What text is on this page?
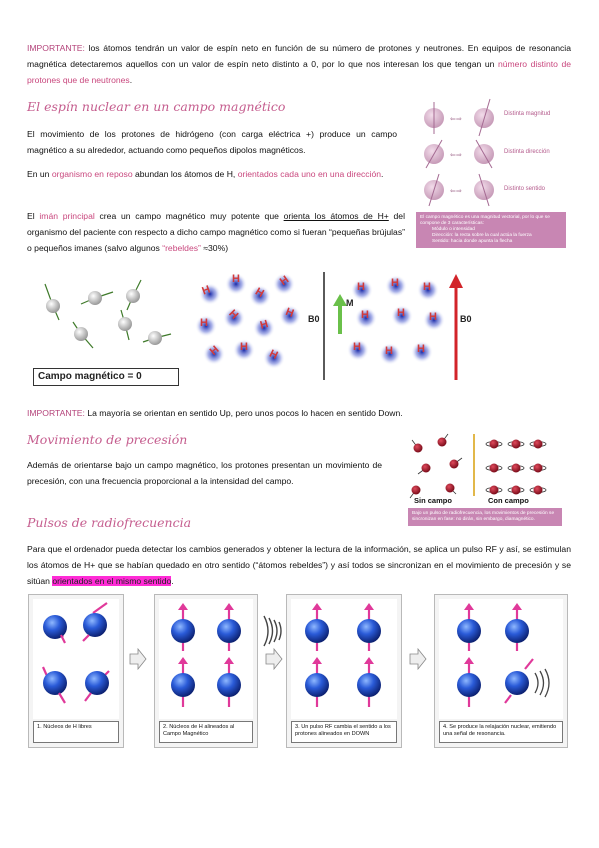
IMPORTANTE: los átomos tendrán un valor de espín neto en función de su número de protones y neutrones. En equipos de resonancia magnética detectaremos aquellos con un valor de espín neto distinto a 0, por lo que nos interesan los que tengan un número distinto de protones que de neutrones.
El espín nuclear en un campo magnético
El movimiento de los protones de hidrógeno (con carga eléctrica +) produce un campo magnético a su alrededor, actuando como pequeños dipolos magnéticos.
En un organismo en reposo abundan los átomos de H, orientados cada uno en una dirección.
El imán principal crea un campo magnético muy potente que orienta los átomos de H+ del organismo del paciente con respecto a dicho campo magnético como si fueran “pequeñas brújulas” o pequeños imanes (salvo algunos “rebeldes” ≈30%)
⇐⇒
⇐⇒
⇐⇒
Distinta magnitud
Distinta dirección
Distinto sentido
El campo magnético es una magnitud vectorial, por lo que se compone de 3 características:
Módulo o intensidad
Dirección: la recta sobre la cual actúa la fuerza
Sentido: hacia donde apunta la flecha
Campo magnético = 0
H
H
H
H
H
H
H
H
H H
H
B0
M
H H H
H	H H
H H H
B0
IMPORTANTE: La mayoría se orientan en sentido Up, pero unos pocos lo hacen en sentido Down.
Movimiento de precesión
Además de orientarse bajo un campo magnético, los protones presentan un movimiento de precesión, con una frecuencia proporcional a la intensidad del campo.
Sin campo	Con campo
Bajo un pulso de radiofrecuencia, los movimientos de precesión se sincronizan en fase: no dirán, sin embargo, diamagnético.
Pulsos de radiofrecuencia
Para que el ordenador pueda detectar los cambios generados y obtener la lectura de la información, se aplica un pulso RF y así, se estimulan los átomos de H+ que se habían quedado en otro sentido (“átomos rebeldes”) y así todos se sincronizan en el movimiento de precesión y se sitúan orientados en el mismo sentido.
1. Núcleos de H libres	2. Núcleos de H alineados al Campo Magnético
3. Un pulso RF cambia el sentido a los protones alineados en DOWN
4. Se produce la relajación nuclear, emitiendo una señal de resonancia.
